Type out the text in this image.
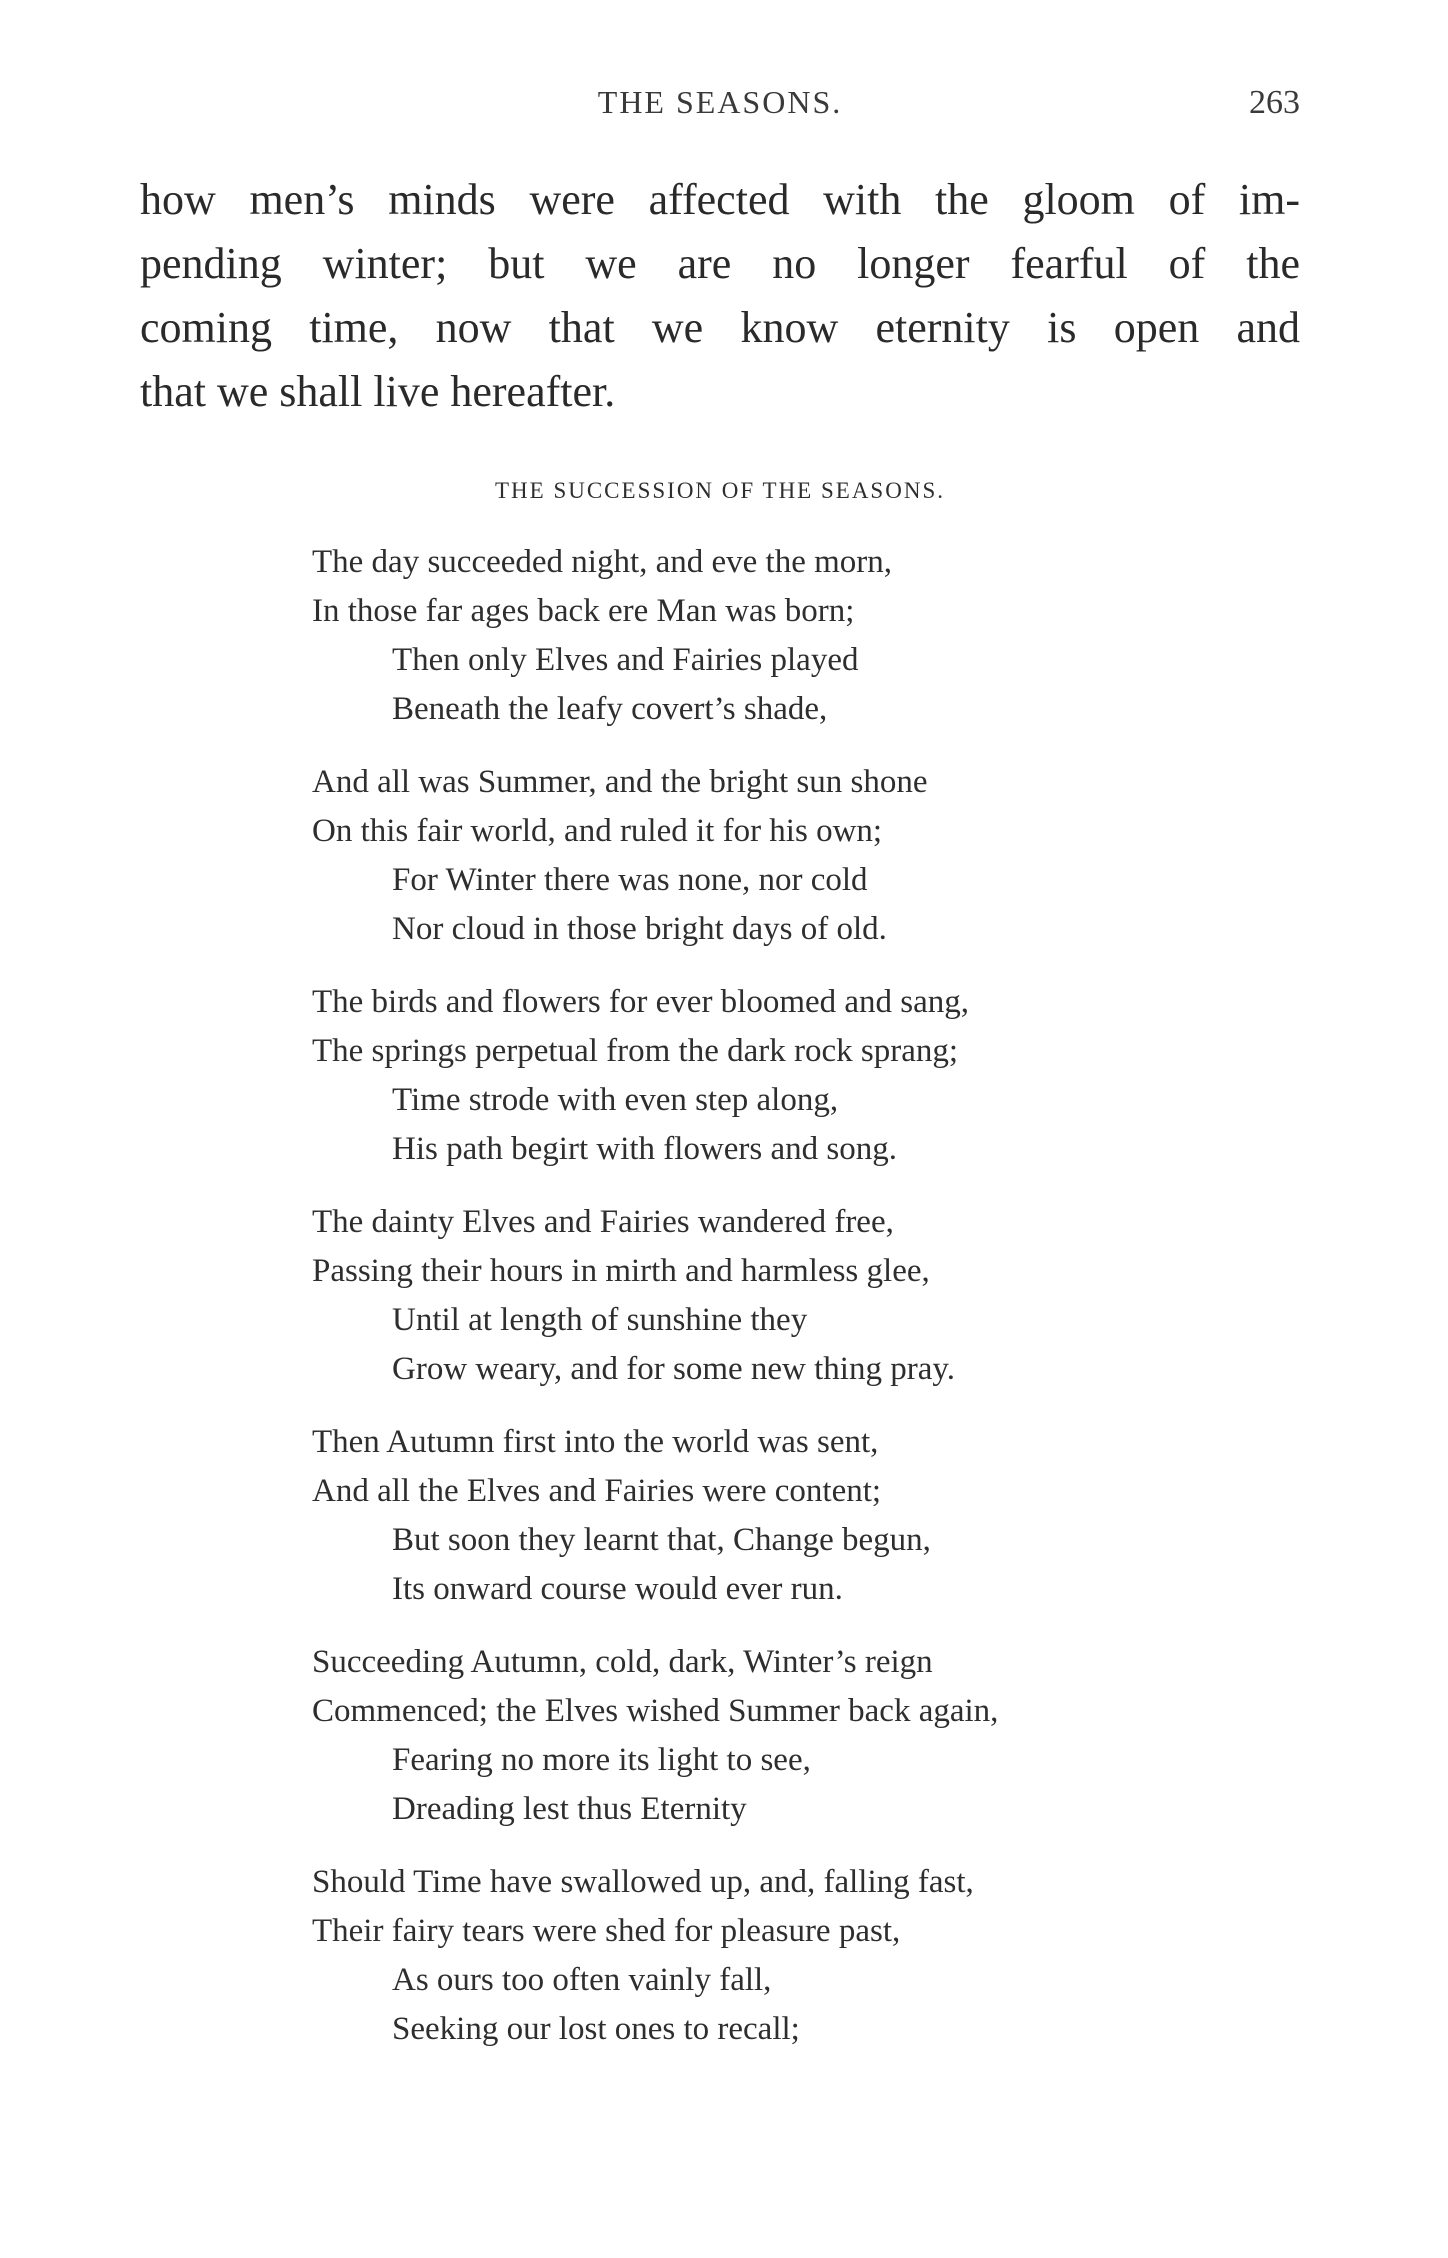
THE SEASONS.	263
how men’s minds were affected with the gloom of im-
pending winter; but we are no longer fearful of the
coming time, now that we know eternity is open and
that we shall live hereafter.
THE SUCCESSION OF THE SEASONS.
The day succeeded night, and eve the morn,
In those far ages back ere Man was born;
Then only Elves and Fairies played
Beneath the leafy covert’s shade,
And all was Summer, and the bright sun shone
On this fair world, and ruled it for his own;
For Winter there was none, nor cold
Nor cloud in those bright days of old.
The birds and flowers for ever bloomed and sang,
The springs perpetual from the dark rock sprang;
Time strode with even step along,
His path begirt with flowers and song.
The dainty Elves and Fairies wandered free,
Passing their hours in mirth and harmless glee,
Until at length of sunshine they
Grow weary, and for some new thing pray.
Then Autumn first into the world was sent,
And all the Elves and Fairies were content;
But soon they learnt that, Change begun,
Its onward course would ever run.
Succeeding Autumn, cold, dark, Winter’s reign
Commenced; the Elves wished Summer back again,
Fearing no more its light to see,
Dreading lest thus Eternity
Should Time have swallowed up, and, falling fast,
Their fairy tears were shed for pleasure past,
As ours too often vainly fall,
Seeking our lost ones to recall;
